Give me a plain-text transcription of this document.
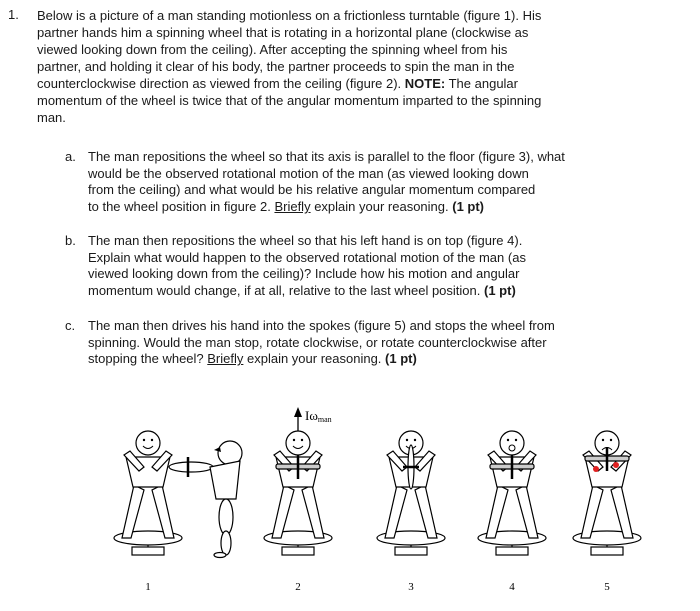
1. Below is a picture of a man standing motionless on a frictionless turntable (figure 1). His
partner hands him a spinning wheel that is rotating in a horizontal plane (clockwise as
viewed looking down from the ceiling). After accepting the spinning wheel from his
partner, and holding it clear of his body, the partner proceeds to spin the man in the
counterclockwise direction as viewed from the ceiling (figure 2). NOTE: The angular
momentum of the wheel is twice that of the angular momentum imparted to the spinning
man.
a. The man repositions the wheel so that its axis is parallel to the floor (figure 3), what
would be the observed rotational motion of the man (as viewed looking down
from the ceiling) and what would be his relative angular momentum compared
to the wheel position in figure 2. Briefly explain your reasoning. (1 pt)
b. The man then repositions the wheel so that his left hand is on top (figure 4).
Explain what would happen to the observed rotational motion of the man (as
viewed looking down from the ceiling)? Include how his motion and angular
momentum would change, if at all, relative to the last wheel position. (1 pt)
c. The man then drives his hand into the spokes (figure 5) and stops the wheel from
spinning. Would the man stop, rotate clockwise, or rotate counterclockwise after
stopping the wheel? Briefly explain your reasoning. (1 pt)
Iωman
1	2	3	4	5
